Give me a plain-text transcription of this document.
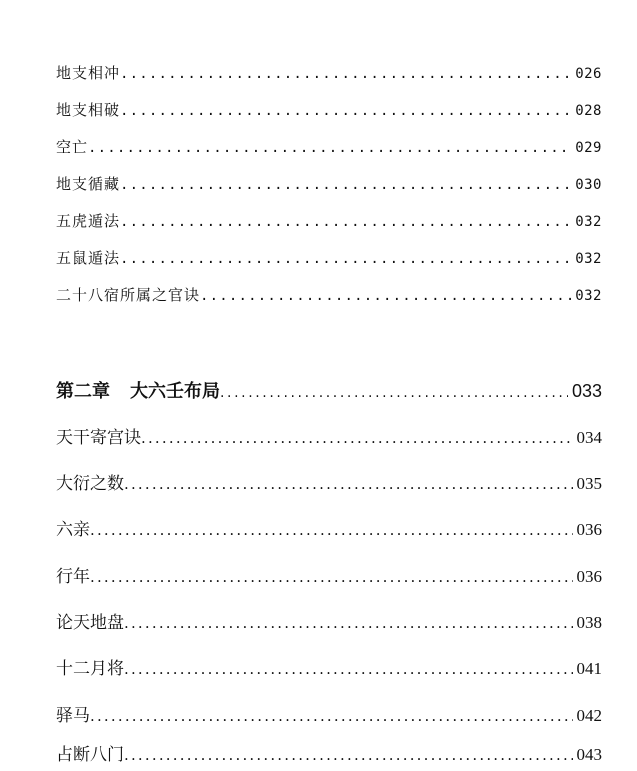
地支相冲 .....	026
地支相破 .....	028
空亡 .....	029
地支循藏 .....	030
五虎遁法 .....	032
五鼠遁法 .....	032
二十八宿所属之官诀 .....	032
第二章 大六壬布局 .....	033
天干寄宫诀 .....	034
大衍之数 .....	035
六亲 .....	036
行年 .....	036
论天地盘 .....	038
十二月将 .....	041
驿马 .....	042
占断八门 .....	043
